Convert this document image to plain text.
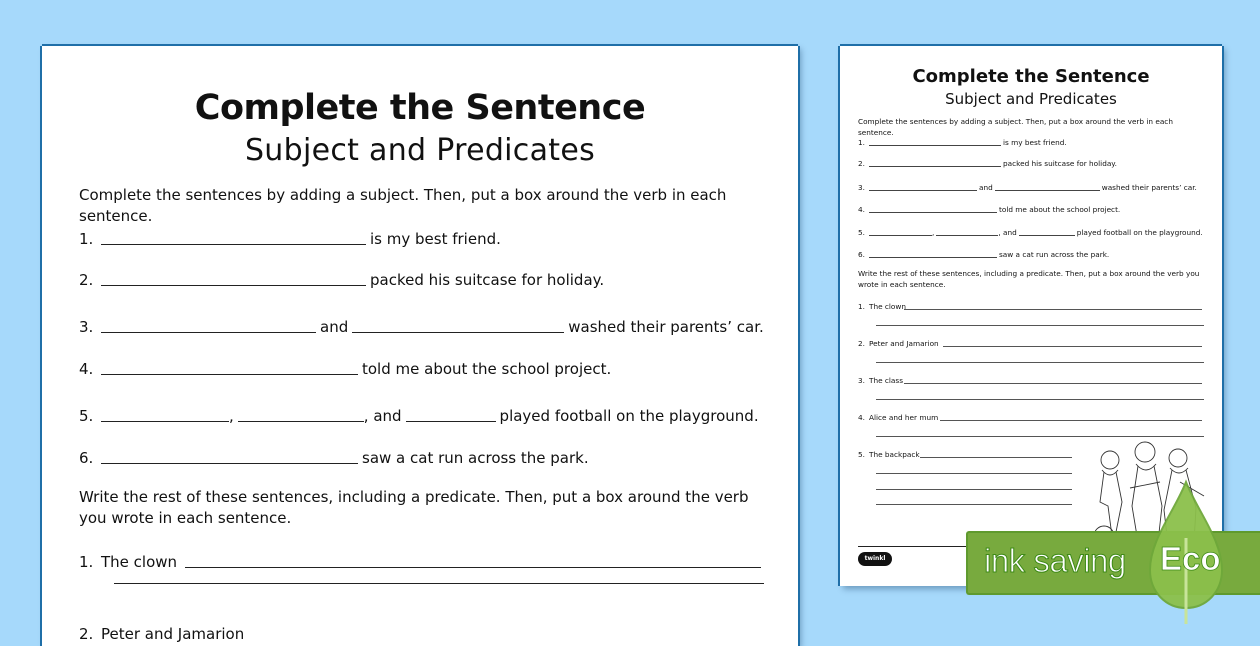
Complete the Sentence
Subject and Predicates
Complete the sentences by adding a subject. Then, put a box around the verb in each sentence.
1.	is my best friend.
2.	packed his suitcase for holiday.
3.	and	washed their parents’ car.
4.	told me about the school project.
5.	,	, and	played football on the playground.
6.	saw a cat run across the park.
Write the rest of these sentences, including a predicate. Then, put a box around the verb you wrote in each sentence.
1. The clown
2. Peter and Jamarion
Complete the Sentence
Subject and Predicates
Complete the sentences by adding a subject. Then, put a box around the verb in each sentence.
1.	is my best friend.
2.	packed his suitcase for holiday.
3.	and	washed their parents’ car.
4.	told me about the school project.
5.	,	, and	played football on the playground.
6.	saw a cat run across the park.
Write the rest of these sentences, including a predicate. Then, put a box around the verb you wrote in each sentence.
1. The clown
2. Peter and Jamarion
3. The class
4. Alice and her mum
5. The backpack
twinkl	ink saving Eco
